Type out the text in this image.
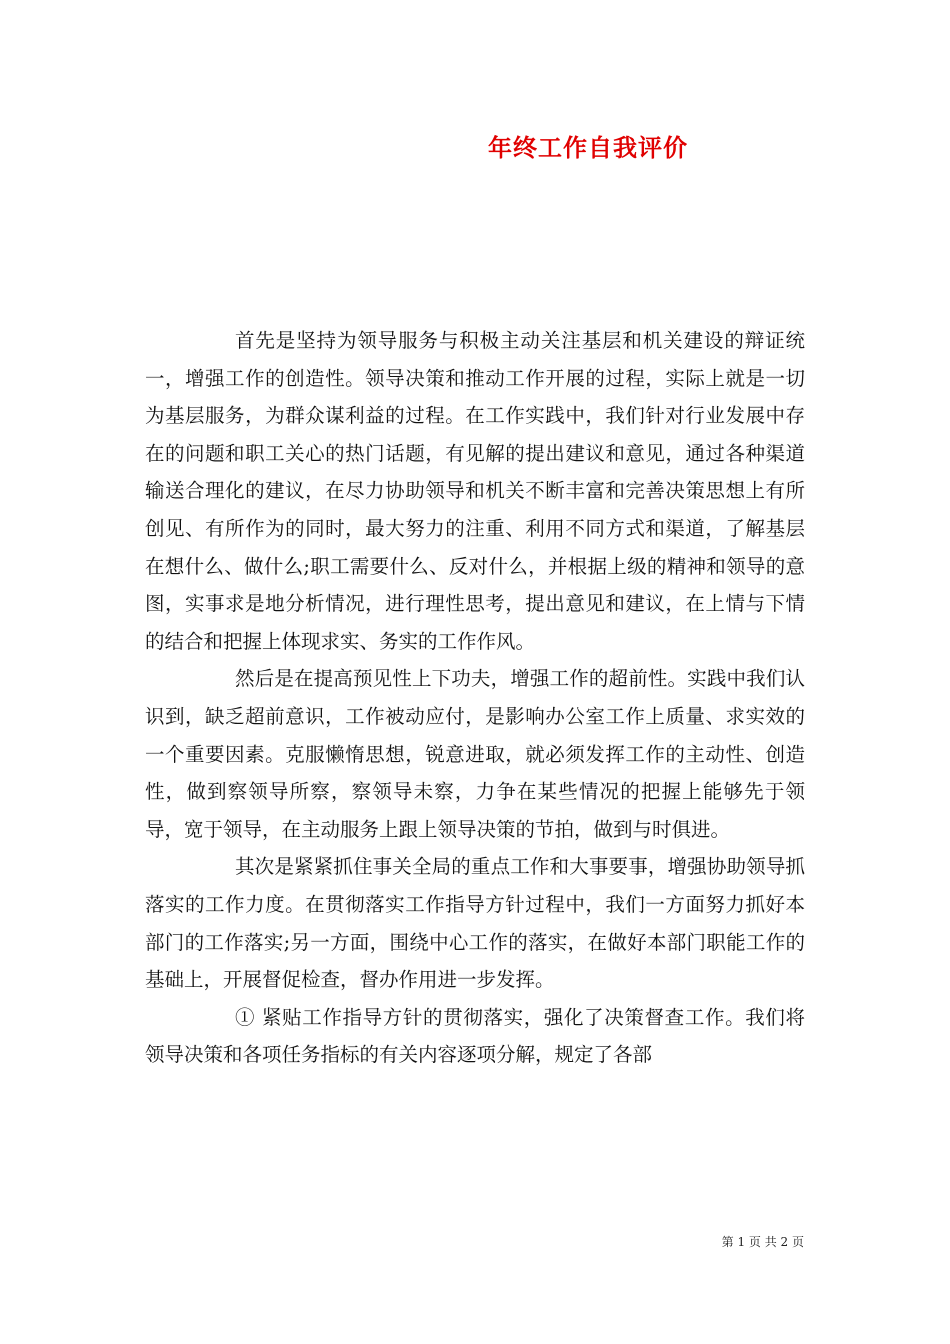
年终工作自我评价

首先是坚持为领导服务与积极主动关注基层和机关建设的辩证统一，增强工作的创造性。领导决策和推动工作开展的过程，实际上就是一切为基层服务，为群众谋利益的过程。在工作实践中，我们针对行业发展中存在的问题和职工关心的热门话题，有见解的提出建议和意见，通过各种渠道输送合理化的建议，在尽力协助领导和机关不断丰富和完善决策思想上有所创见、有所作为的同时，最大努力的注重、利用不同方式和渠道，了解基层在想什么、做什么;职工需要什么、反对什么，并根据上级的精神和领导的意图，实事求是地分析情况，进行理性思考，提出意见和建议，在上情与下情的结合和把握上体现求实、务实的工作作风。

然后是在提高预见性上下功夫，增强工作的超前性。实践中我们认识到，缺乏超前意识，工作被动应付，是影响办公室工作上质量、求实效的一个重要因素。克服懒惰思想，锐意进取，就必须发挥工作的主动性、创造性，做到察领导所察，察领导未察，力争在某些情况的把握上能够先于领导，宽于领导，在主动服务上跟上领导决策的节拍，做到与时俱进。

其次是紧紧抓住事关全局的重点工作和大事要事，增强协助领导抓落实的工作力度。在贯彻落实工作指导方针过程中，我们一方面努力抓好本部门的工作落实;另一方面，围绕中心工作的落实，在做好本部门职能工作的基础上，开展督促检查，督办作用进一步发挥。

① 紧贴工作指导方针的贯彻落实，强化了决策督查工作。我们将领导决策和各项任务指标的有关内容逐项分解，规定了各部

第 1 页 共 2 页
